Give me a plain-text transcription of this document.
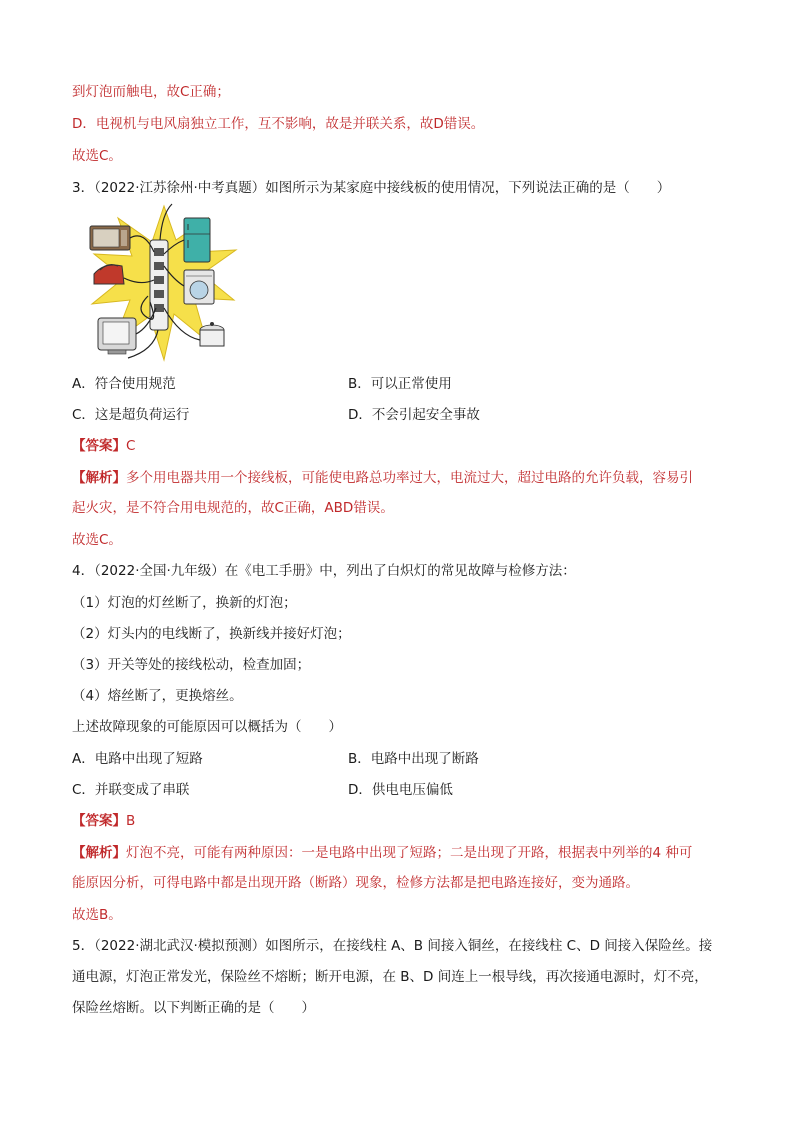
到灯泡而触电，故C正确；
D．电视机与电风扇独立工作，互不影响，故是并联关系，故D错误。
故选C。
3．（2022·江苏徐州·中考真题）如图所示为某家庭中接线板的使用情况，下列说法正确的是（　　）
A．符合使用规范	B．可以正常使用
C．这是超负荷运行	D．不会引起安全事故
【答案】C
【解析】多个用电器共用一个接线板，可能使电路总功率过大，电流过大，超过电路的允许负载，容易引
起火灾，是不符合用电规范的，故C正确，ABD错误。
故选C。
4．（2022·全国·九年级）在《电工手册》中，列出了白炽灯的常见故障与检修方法：
（1）灯泡的灯丝断了，换新的灯泡；
（2）灯头内的电线断了，换新线并接好灯泡；
（3）开关等处的接线松动，检查加固；
（4）熔丝断了，更换熔丝。
上述故障现象的可能原因可以概括为（　　）
A．电路中出现了短路	B．电路中出现了断路
C．并联变成了串联	D．供电电压偏低
【答案】B
【解析】灯泡不亮，可能有两种原因：一是电路中出现了短路；二是出现了开路，根据表中列举的4 种可
能原因分析，可得电路中都是出现开路（断路）现象，检修方法都是把电路连接好，变为通路。
故选B。
5．（2022·湖北武汉·模拟预测）如图所示，在接线柱 A、B 间接入铜丝，在接线柱 C、D 间接入保险丝。接
通电源，灯泡正常发光，保险丝不熔断；断开电源，在 B、D 间连上一根导线，再次接通电源时，灯不亮，
保险丝熔断。以下判断正确的是（　　）
